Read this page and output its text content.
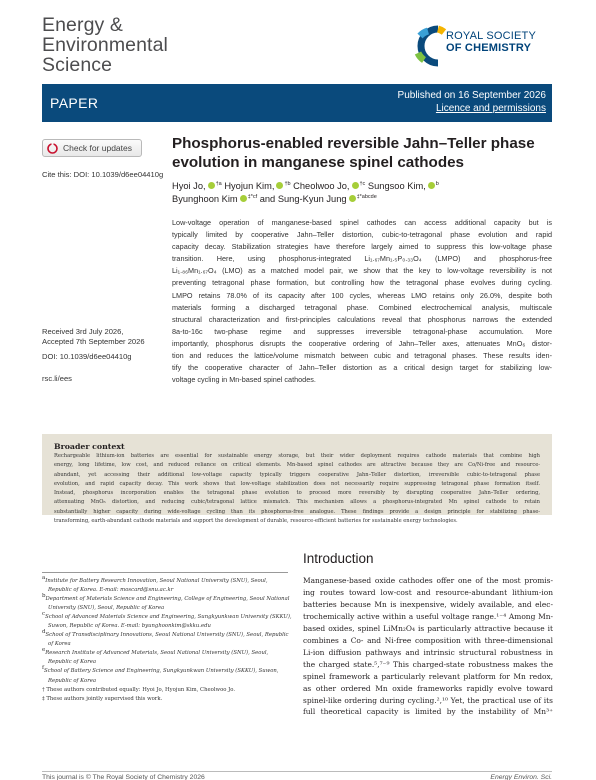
Energy &
Environmental
Science
ROYAL SOCIETY
OF CHEMISTRY
PAPER	Published on 16 September 2026
Licence and permissions
Check for updates
Cite this: DOI: 10.1039/d6ee04410g
Received 3rd July 2026,
Accepted 7th September 2026
DOI: 10.1039/d6ee04410g
rsc.li/ees
Phosphorus-enabled reversible Jahn–Teller phase
evolution in manganese spinel cathodes
Hyoi Jo, $^{\dagger a}$ Hyojun Kim, $^{\dagger b}$ Cheolwoo Jo, $^{\dagger c}$ Sungsoo Kim, $^b$
Byunghoon Kim $^{\ddagger*cf}$ and Sung-Kyun Jung $^{\ddagger*abcde}$
Low-voltage operation of manganese-based spinel cathodes can access additional capacity but is
typically limited by cooperative Jahn–Teller distortion, cubic-to-tetragonal phase evolution and rapid
capacity decay. Stabilization strategies have therefore largely aimed to suppress this low-voltage phase
transition. Here, using phosphorus-integrated Li₁.₆₇Mn₁.₅P₀.₃₃O₄ (LMPO) and phosphorus-free
Li₁.₈₆Mn₁.₆₇O₄ (LMO) as a matched model pair, we show that the key to low-voltage reversibility is not
preventing tetragonal phase formation, but controlling how the tetragonal phase evolves during cycling.
LMPO retains 78.0% of its capacity after 100 cycles, whereas LMO retains only 26.0%, despite both
materials forming a discharged tetragonal phase. Combined electrochemical analysis, multiscale
structural characterization and first-principles calculations reveal that phosphorus narrows the extended
8a-to-16c two-phase regime and suppresses irreversible tetragonal-phase accumulation. More
importantly, phosphorus disrupts the cooperative ordering of Jahn–Teller axes, attenuates MnO₆ distor-
tion and reduces the lattice/volume mismatch between cubic and tetragonal phases. These results iden-
tify the cooperative character of Jahn–Teller distortion as a critical design target for stabilizing low-
voltage cycling in Mn-based spinel cathodes.
Broader context
Rechargeable lithium-ion batteries are essential for sustainable energy storage, but their wider deployment requires cathode materials that combine high
energy, long lifetime, low cost, and reduced reliance on critical elements. Mn-based spinel cathodes are attractive because they are Co/Ni-free and resource-
abundant, yet accessing their additional low-voltage capacity typically triggers cooperative Jahn–Teller distortion, irreversible cubic-to-tetragonal phase
evolution, and rapid capacity decay. This work shows that low-voltage stabilization does not necessarily require suppressing tetragonal phase formation itself.
Instead, phosphorus incorporation enables the tetragonal phase evolution to proceed more reversibly by disrupting cooperative Jahn–Teller ordering,
attenuating MnO₆ distortion, and reducing cubic/tetragonal lattice mismatch. This mechanism allows a phosphorus-integrated Mn spinel cathode to retain
substantially higher capacity during wide-voltage cycling than its phosphorus-free analogue. These findings provide a design principle for stabilizing phase-
transforming, earth-abundant cathode materials and support the development of durable, resource-efficient batteries for sustainable energy technologies.
$^a$Institute for Battery Research Innovation, Seoul National University (SNU), Seoul, Republic of Korea. E-mail: moscard@snu.ac.kr
$^b$Department of Materials Science and Engineering, College of Engineering, Seoul National University (SNU), Seoul, Republic of Korea
$^c$School of Advanced Materials Science and Engineering, Sungkyunkwan University (SKKU), Suwon, Republic of Korea. E-mail: byunghoonkim@skku.edu
$^d$School of Transdisciplinary Innovations, Seoul National University (SNU), Seoul, Republic of Korea
$^e$Research Institute of Advanced Materials, Seoul National University (SNU), Seoul, Republic of Korea
$^f$School of Battery Science and Engineering, Sungkyunkwan University (SKKU), Suwon, Republic of Korea
† These authors contributed equally: Hyoi Jo, Hyojun Kim, Cheolwoo Jo.
‡ These authors jointly supervised this work.
Introduction
Manganese-based oxide cathodes offer one of the most promis-
ing routes toward low-cost and resource-abundant lithium-ion
batteries because Mn is inexpensive, widely available, and elec-
trochemically active within a useful voltage range.¹⁻⁴ Among Mn-
based oxides, spinel LiMn₂O₄ is particularly attractive because it
combines a Co- and Ni-free composition with three-dimensional
Li-ion diffusion pathways and intrinsic structural robustness in
the charged state.⁵,⁷⁻⁹ This charged-state robustness makes the
spinel framework a particularly relevant platform for Mn redox,
as other ordered Mn oxide frameworks rapidly evolve toward
spinel-like ordering during cycling.²,¹⁰ Yet, the practical use of its
full theoretical capacity is limited by the instability of Mn³⁺
This journal is © The Royal Society of Chemistry 2026	Energy Environ. Sci.
